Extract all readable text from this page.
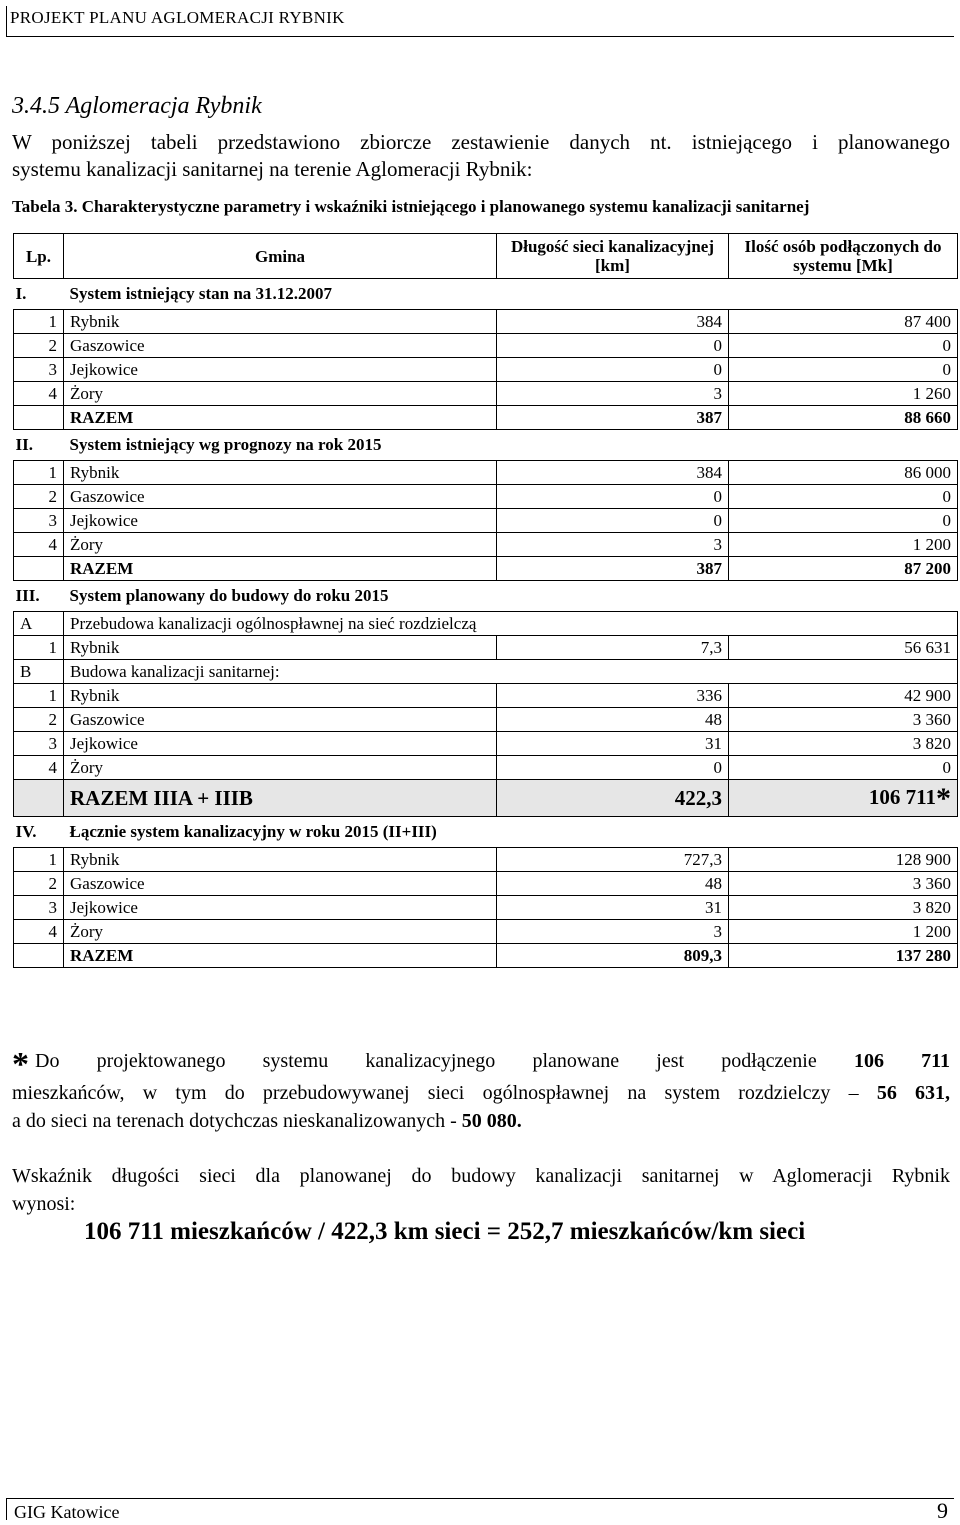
PROJEKT PLANU AGLOMERACJI RYBNIK
3.4.5 Aglomeracja Rybnik
W poniższej tabeli przedstawiono zbiorcze zestawienie danych nt. istniejącego i planowanego
systemu kanalizacji sanitarnej na terenie Aglomeracji Rybnik:
Tabela 3. Charakterystyczne parametry i wskaźniki istniejącego i planowanego systemu kanalizacji sanitarnej
Lp.	Gmina	Długość sieci kanalizacyjnej [km]	Ilość osób podłączonych do systemu [Mk]
I.	System istniejący stan na 31.12.2007		
1	Rybnik	384	87 400
2	Gaszowice	0	0
3	Jejkowice	0	0
4	Żory	3	1 260
	RAZEM	387	88 660
II.	System istniejący wg prognozy na rok 2015		
1	Rybnik	384	86 000
2	Gaszowice	0	0
3	Jejkowice	0	0
4	Żory	3	1 200
	RAZEM	387	87 200
III.	System planowany do budowy do roku 2015		
A	Przebudowa kanalizacji ogólnospławnej na sieć rozdzielczą		
1	Rybnik	7,3	56 631
B	Budowa kanalizacji sanitarnej:		
1	Rybnik	336	42 900
2	Gaszowice	48	3 360
3	Jejkowice	31	3 820
4	Żory	0	0
	RAZEM IIIA + IIIB	422,3	106 711*
IV.	Łącznie system kanalizacyjny w roku 2015 (II+III)		
1	Rybnik	727,3	128 900
2	Gaszowice	48	3 360
3	Jejkowice	31	3 820
4	Żory	3	1 200
	RAZEM	809,3	137 280
* Do projektowanego systemu kanalizacyjnego planowane jest podłączenie 106 711
mieszkańców, w tym do przebudowywanej sieci ogólnospławnej na system rozdzielczy – 56 631,
a do sieci na terenach dotychczas nieskanalizowanych - 50 080.
Wskaźnik długości sieci dla planowanej do budowy kanalizacji sanitarnej w Aglomeracji Rybnik
wynosi:
106 711 mieszkańców / 422,3 km sieci = 252,7 mieszkańców/km sieci
GIG Katowice	9
